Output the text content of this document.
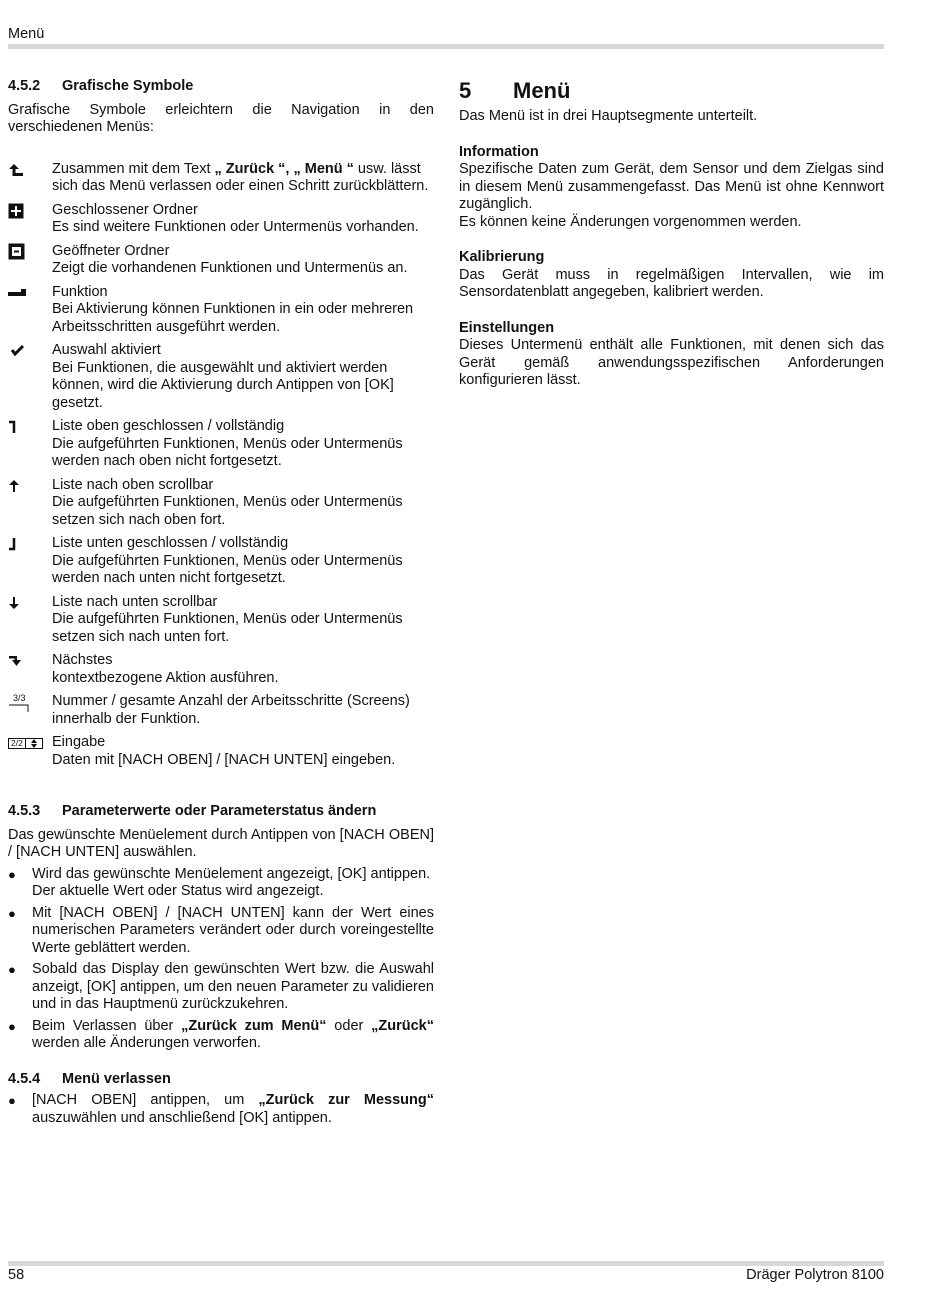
Menü
4.5.2	Grafische Symbole

Grafische Symbole erleichtern die Navigation in den verschiedenen Menüs:

Zusammen mit dem Text „ Zurück “, „ Menü “ usw. lässt sich das Menü verlassen oder einen Schritt zurückblättern.
Geschlossener Ordner
Es sind weitere Funktionen oder Untermenüs vorhanden.
Geöffneter Ordner
Zeigt die vorhandenen Funktionen und Untermenüs an.
Funktion
Bei Aktivierung können Funktionen in ein oder mehreren Arbeitsschritten ausgeführt werden.
Auswahl aktiviert
Bei Funktionen, die ausgewählt und aktiviert werden können, wird die Aktivierung durch Antippen von [OK] gesetzt.
Liste oben geschlossen / vollständig
Die aufgeführten Funktionen, Menüs oder Untermenüs werden nach oben nicht fortgesetzt.
Liste nach oben scrollbar
Die aufgeführten Funktionen, Menüs oder Untermenüs setzen sich nach oben fort.
Liste unten geschlossen / vollständig
Die aufgeführten Funktionen, Menüs oder Untermenüs werden nach unten nicht fortgesetzt.
Liste nach unten scrollbar
Die aufgeführten Funktionen, Menüs oder Untermenüs setzen sich nach unten fort.
Nächstes
kontextbezogene Aktion ausführen.
3/3 Nummer / gesamte Anzahl der Arbeitsschritte (Screens)
innerhalb der Funktion.
2/2 Eingabe
Daten mit [NACH OBEN] / [NACH UNTEN] eingeben.
4.5.3	Parameterwerte oder Parameterstatus ändern

Das gewünschte Menüelement durch Antippen von [NACH OBEN] / [NACH UNTEN] auswählen.

●	Wird das gewünschte Menüelement angezeigt, [OK] antippen.
Der aktuelle Wert oder Status wird angezeigt.
●	Mit [NACH OBEN] / [NACH UNTEN] kann der Wert eines numerischen Parameters verändert oder durch voreingestellte Werte geblättert werden.
●	Sobald das Display den gewünschten Wert bzw. die Auswahl anzeigt, [OK] antippen, um den neuen Parameter zu validieren und in das Hauptmenü zurückzukehren.
●	Beim Verlassen über „Zurück zum Menü“ oder „Zurück“ werden alle Änderungen verworfen.
4.5.4	Menü verlassen
●	[NACH OBEN] antippen, um „Zurück zur Messung“ auszuwählen und anschließend [OK] antippen.
5	Menü

Das Menü ist in drei Hauptsegmente unterteilt.

Information

Spezifische Daten zum Gerät, dem Sensor und dem Zielgas sind in diesem Menü zusammengefasst. Das Menü ist ohne Kennwort zugänglich.

Es können keine Änderungen vorgenommen werden.

Kalibrierung

Das Gerät muss in regelmäßigen Intervallen, wie im Sensordatenblatt angegeben, kalibriert werden.

Einstellungen

Dieses Untermenü enthält alle Funktionen, mit denen sich das Gerät gemäß anwendungsspezifischen Anforderungen konfigurieren lässt.

58	Dräger Polytron 8100
